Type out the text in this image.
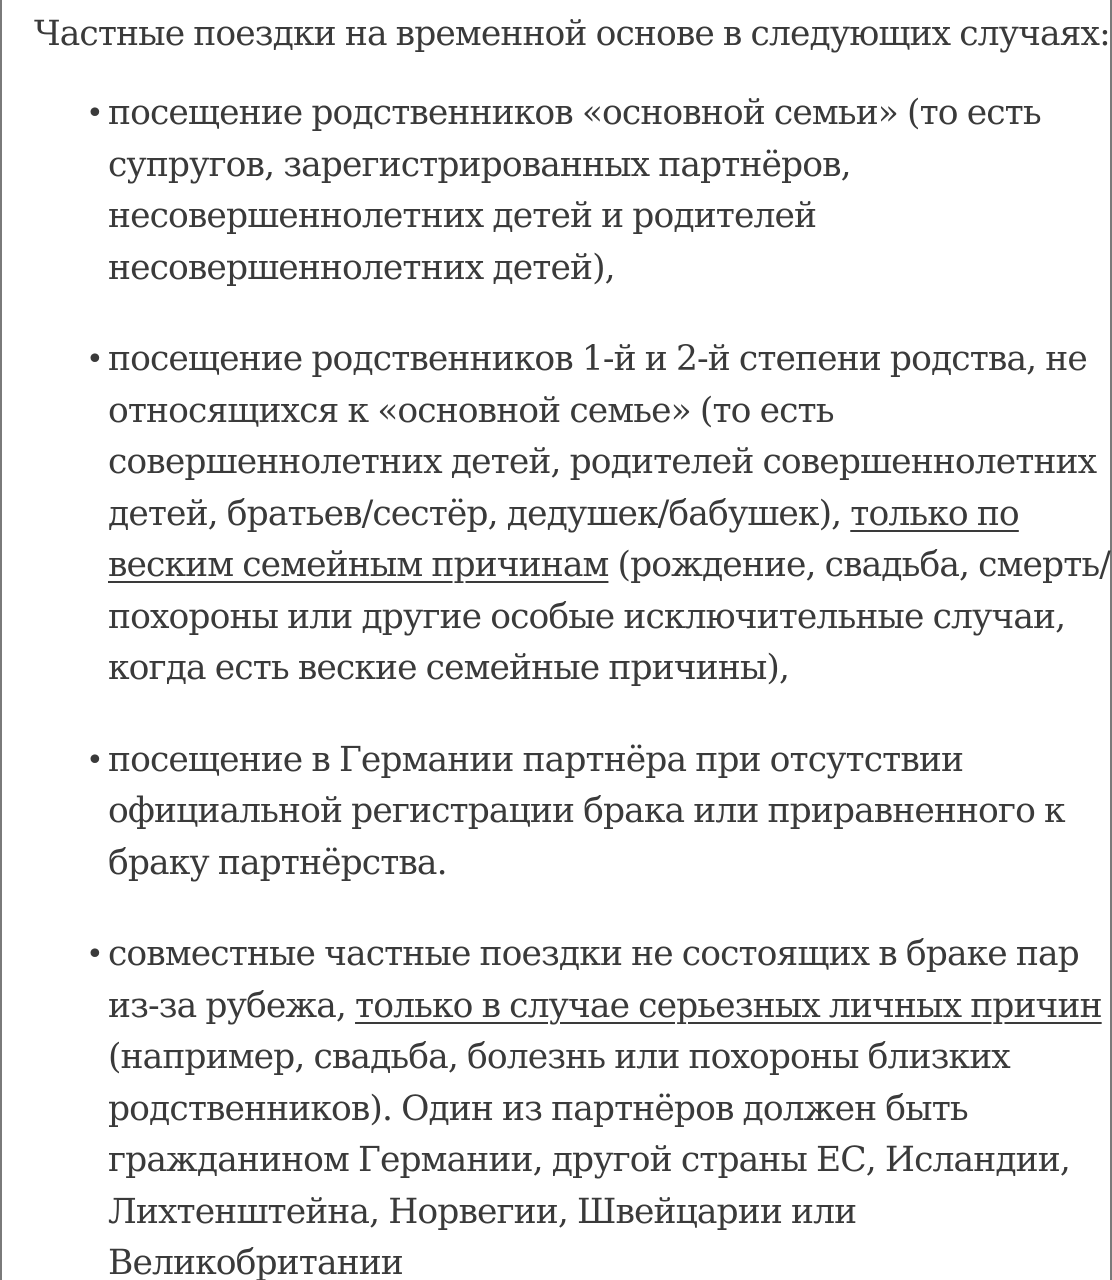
Частные поездки на временной основе в следующих случаях:

• посещение родственников «основной семьи» (то есть
супругов, зарегистрированных партнёров,
несовершеннолетних детей и родителей
несовершеннолетних детей),
• посещение родственников 1-й и 2-й степени родства, не
относящихся к «основной семье» (то есть
совершеннолетних детей, родителей совершеннолетних
детей, братьев/сестёр, дедушек/бабушек), только по
веским семейным причинам (рождение, свадьба, смерть/
похороны или другие особые исключительные случаи,
когда есть веские семейные причины),
• посещение в Германии партнёра при отсутствии
официальной регистрации брака или приравненного к
браку партнёрства.
• совместные частные поездки не состоящих в браке пар
из-за рубежа, только в случае серьезных личных причин
(например, свадьба, болезнь или похороны близких
родственников). Один из партнёров должен быть
гражданином Германии, другой страны ЕС, Исландии,
Лихтенштейна, Норвегии, Швейцарии или
Великобритании
